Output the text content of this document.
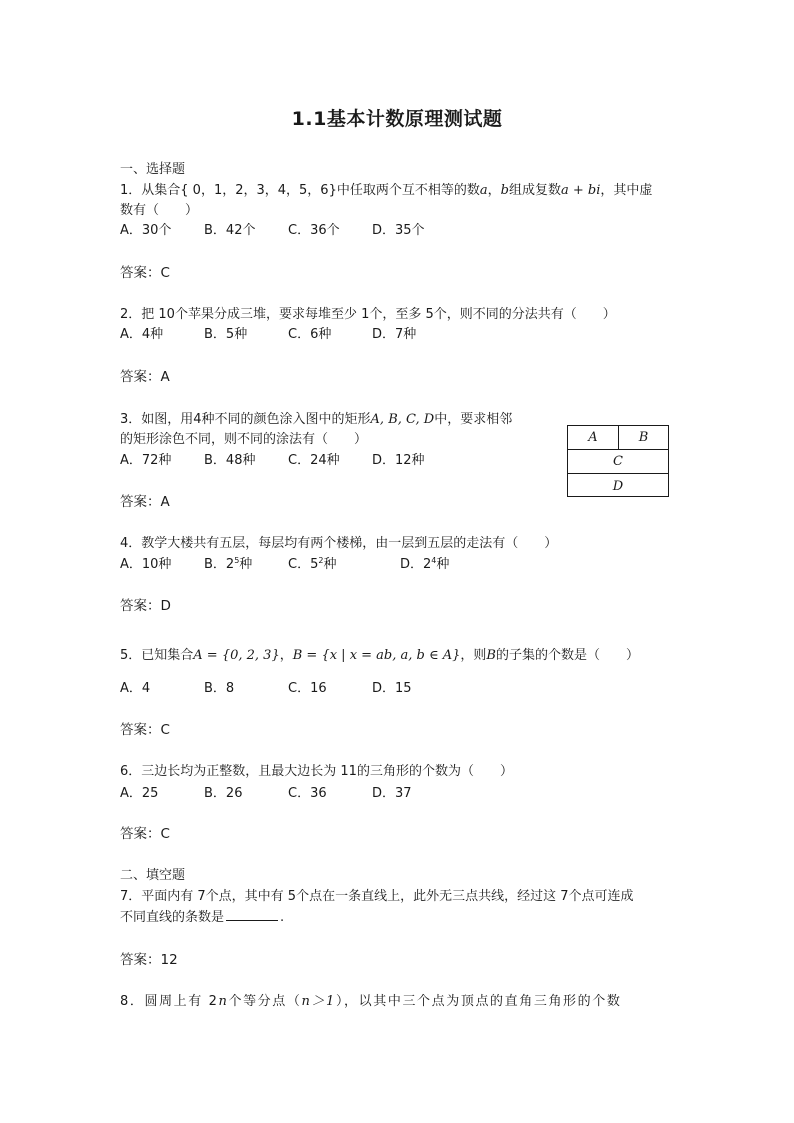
1.1基本计数原理测试题
一、选择题
1．从集合{ 0，1，2，3，4，5，6}中任取两个互不相等的数a，b组成复数a + bi，其中虚
数有（　　）
A．30个	B．42个	C．36个 D．35个
答案：C
2．把 10个苹果分成三堆，要求每堆至少 1个，至多 5个，则不同的分法共有（　　）
A．4种	B．5种	C．6种	D．7种
答案：A
3．如图，用4种不同的颜色涂入图中的矩形A, B, C, D中，要求相邻
的矩形涂色不同，则不同的涂法有（　　）
A．72种	B．48种	C．24种 D．12种
答案：A
A	B
C
D
4．教学大楼共有五层，每层均有两个楼梯，由一层到五层的走法有（　　）
A．10种	B．$2^5$种	C．$5^2$种	D．$2^4$种
答案：D
5．已知集合A = {0, 2, 3}，B = {x | x = ab, a, b ∈ A}，则B的子集的个数是（　　）
A．4	B．8	C．16	D．15
答案：C
6．三边长均为正整数，且最大边长为 11的三角形的个数为（　　）
A．25	B．26	C．36	D．37
答案：C
二、填空题
7．平面内有 7个点，其中有 5个点在一条直线上，此外无三点共线，经过这 7个点可连成
不同直线的条数是	.
答案：12
8．圆周上有 2n个等分点（n＞1），以其中三个点为顶点的直角三角形的个数
